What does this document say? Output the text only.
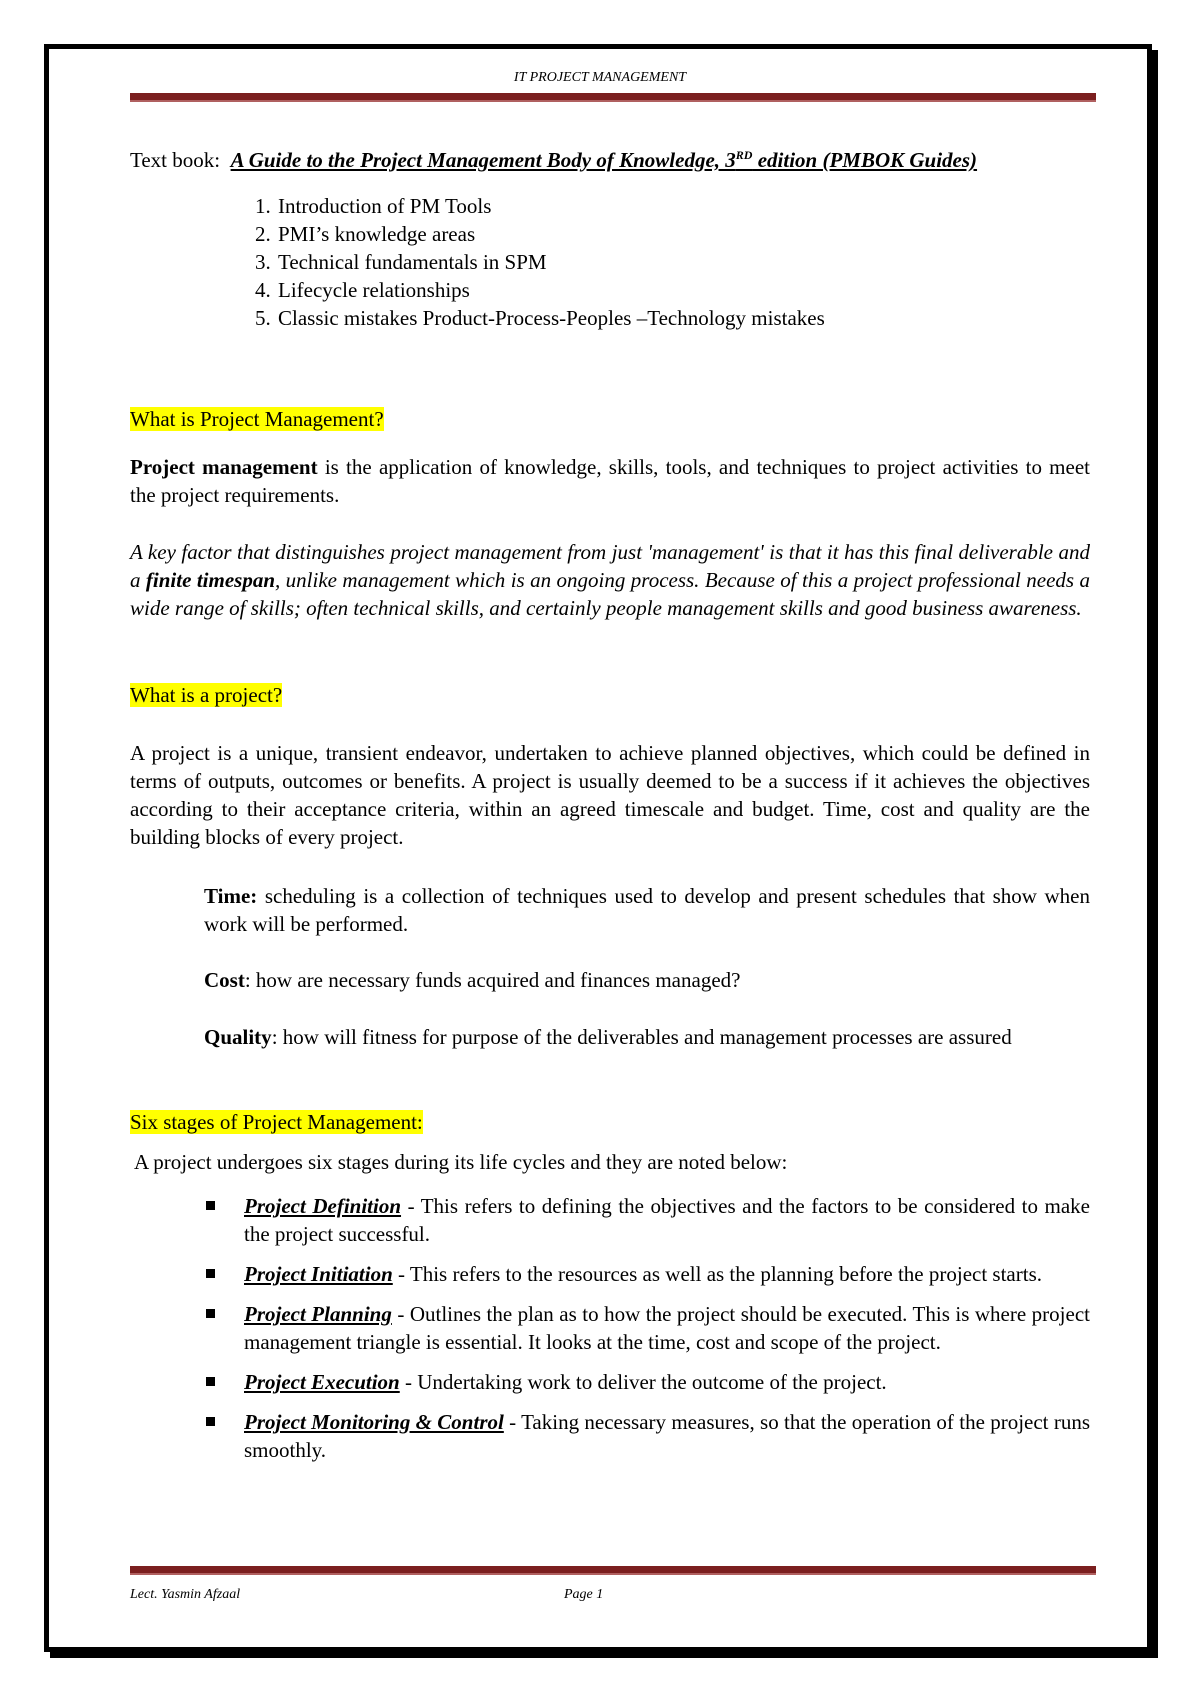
IT PROJECT MANAGEMENT
Text book: A Guide to the Project Management Body of Knowledge, 3RD edition (PMBOK Guides)
1. Introduction of PM Tools
2. PMI’s knowledge areas
3. Technical fundamentals in SPM
4. Lifecycle relationships
5. Classic mistakes Product-Process-Peoples –Technology mistakes
What is Project Management?
Project management is the application of knowledge, skills, tools, and techniques to project activities to meet the project requirements.
A key factor that distinguishes project management from just 'management' is that it has this final deliverable and a finite timespan, unlike management which is an ongoing process. Because of this a project professional needs a wide range of skills; often technical skills, and certainly people management skills and good business awareness.
What is a project?
A project is a unique, transient endeavor, undertaken to achieve planned objectives, which could be defined in terms of outputs, outcomes or benefits. A project is usually deemed to be a success if it achieves the objectives according to their acceptance criteria, within an agreed timescale and budget. Time, cost and quality are the building blocks of every project.
Time: scheduling is a collection of techniques used to develop and present schedules that show when work will be performed.
Cost: how are necessary funds acquired and finances managed?
Quality: how will fitness for purpose of the deliverables and management processes are assured
Six stages of Project Management:
A project undergoes six stages during its life cycles and they are noted below:
Project Definition - This refers to defining the objectives and the factors to be considered to make the project successful.
Project Initiation - This refers to the resources as well as the planning before the project starts.
Project Planning - Outlines the plan as to how the project should be executed. This is where project management triangle is essential. It looks at the time, cost and scope of the project.
Project Execution - Undertaking work to deliver the outcome of the project.
Project Monitoring & Control - Taking necessary measures, so that the operation of the project runs smoothly.
Lect. Yasmin Afzaal	Page 1
